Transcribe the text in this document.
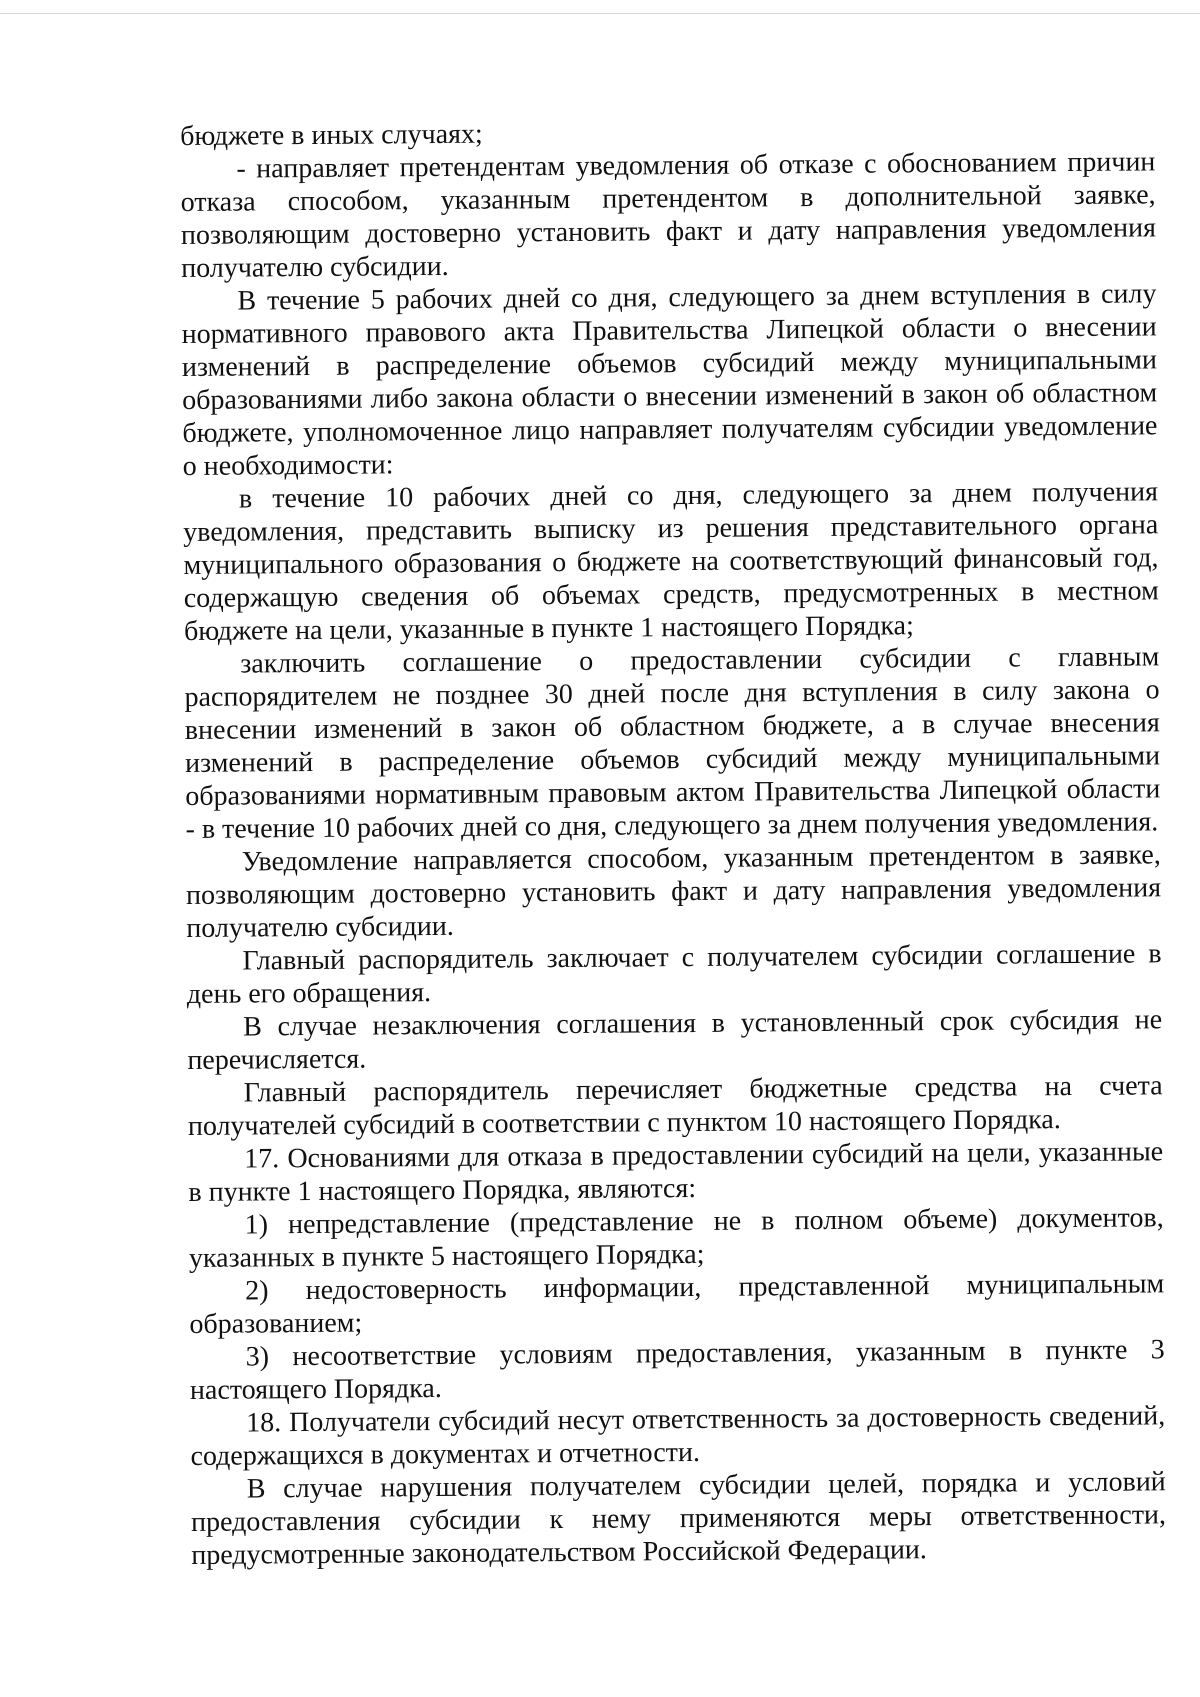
бюджете в иных случаях;

- направляет претендентам уведомления об отказе с обоснованием причин отказа способом, указанным претендентом в дополнительной заявке, позволяющим достоверно установить факт и дату направления уведомления получателю субсидии.

В течение 5 рабочих дней со дня, следующего за днем вступления в силу нормативного правового акта Правительства Липецкой области о внесении изменений в распределение объемов субсидий между муниципальными образованиями либо закона области о внесении изменений в закон об областном бюджете, уполномоченное лицо направляет получателям субсидии уведомление о необходимости:

в течение 10 рабочих дней со дня, следующего за днем получения уведомления, представить выписку из решения представительного органа муниципального образования о бюджете на соответствующий финансовый год, содержащую сведения об объемах средств, предусмотренных в местном бюджете на цели, указанные в пункте 1 настоящего Порядка;

заключить соглашение о предоставлении субсидии с главным распорядителем не позднее 30 дней после дня вступления в силу закона о внесении изменений в закон об областном бюджете, а в случае внесения изменений в распределение объемов субсидий между муниципальными образованиями нормативным правовым актом Правительства Липецкой области - в течение 10 рабочих дней со дня, следующего за днем получения уведомления.

Уведомление направляется способом, указанным претендентом в заявке, позволяющим достоверно установить факт и дату направления уведомления получателю субсидии.

Главный распорядитель заключает с получателем субсидии соглашение в день его обращения.

В случае незаключения соглашения в установленный срок субсидия не перечисляется.

Главный распорядитель перечисляет бюджетные средства на счета получателей субсидий в соответствии с пунктом 10 настоящего Порядка.

17. Основаниями для отказа в предоставлении субсидий на цели, указанные в пункте 1 настоящего Порядка, являются:

1) непредставление (представление не в полном объеме) документов, указанных в пункте 5 настоящего Порядка;

2) недостоверность информации, представленной муниципальным образованием;

3) несоответствие условиям предоставления, указанным в пункте 3 настоящего Порядка.

18. Получатели субсидий несут ответственность за достоверность сведений, содержащихся в документах и отчетности.

В случае нарушения получателем субсидии целей, порядка и условий предоставления субсидии к нему применяются меры ответственности, предусмотренные законодательством Российской Федерации.
